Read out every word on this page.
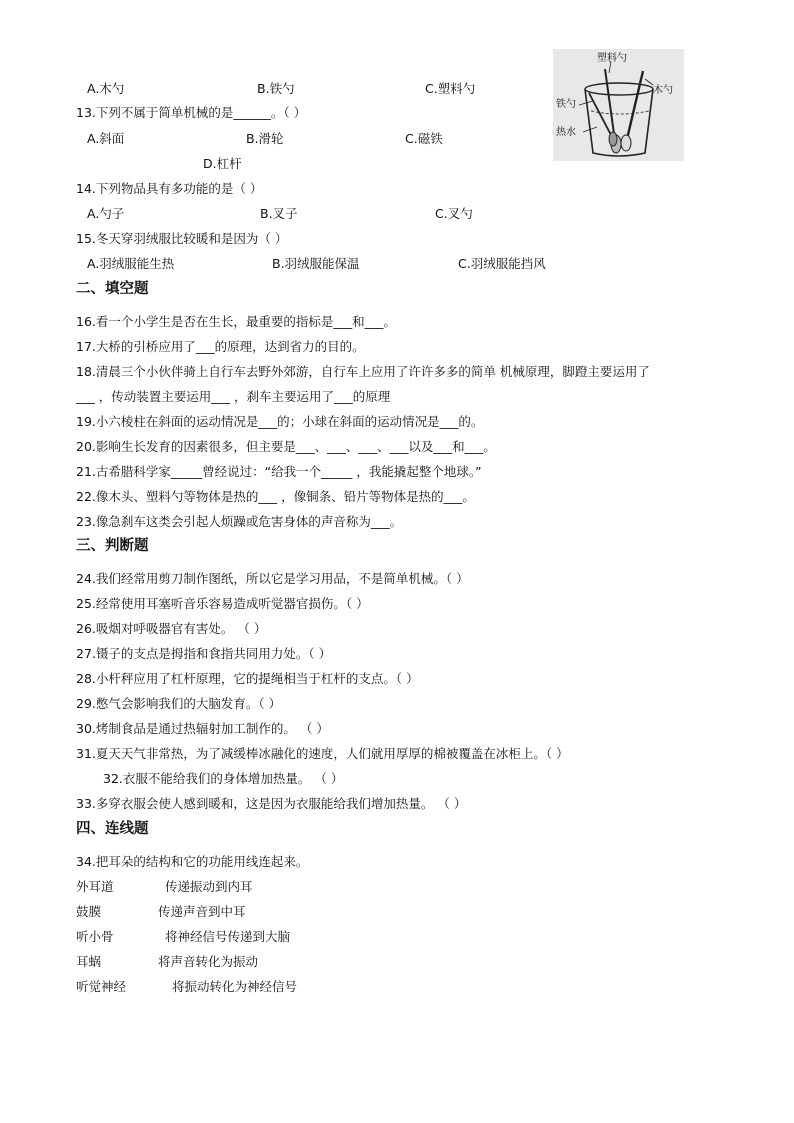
A.木勺	B.铁勺	C.塑料勺
塑料勺
木勺
铁勺
热水
13.下列不属于简单机械的是______。（ ）
A.斜面	B.滑轮	C.磁铁
D.杠杆
14.下列物品具有多功能的是（ ）
A.勺子	B.叉子	C.叉勺
15.冬天穿羽绒服比较暖和是因为（ ）
A.羽绒服能生热	B.羽绒服能保温	C.羽绒服能挡风
二、填空题
16.看一个小学生是否在生长，最重要的指标是___和___。
17.大桥的引桥应用了___的原理，达到省力的目的。
18.清晨三个小伙伴骑上自行车去野外郊游，自行车上应用了许许多多的简单 机械原理，脚蹬主要运用了
___ ，传动装置主要运用___ ，刹车主要运用了___的原理
19.小六棱柱在斜面的运动情况是___的；小球在斜面的运动情况是___的。
20.影响生长发育的因素很多，但主要是___、___、___、___以及___和___。
21.古希腊科学家_____曾经说过：“给我一个_____ ，我能撬起整个地球。”
22.像木头、塑料勺等物体是热的___ ，像铜条、铅片等物体是热的___。
23.像急刹车这类会引起人烦躁或危害身体的声音称为___。
三、判断题
24.我们经常用剪刀制作图纸，所以它是学习用品，不是简单机械。（ ）
25.经常使用耳塞听音乐容易造成听觉器官损伤。（ ）
26.吸烟对呼吸器官有害处。 （ ）
27.镊子的支点是拇指和食指共同用力处。（ ）
28.小杆秤应用了杠杆原理，它的提绳相当于杠杆的支点。（ ）
29.憋气会影响我们的大脑发育。（ ）
30.烤制食品是通过热辐射加工制作的。 （ ）
31.夏天天气非常热，为了减缓棒冰融化的速度，人们就用厚厚的棉被覆盖在冰柜上。（ ）
32.衣服不能给我们的身体增加热量。 （ ）
33.多穿衣服会使人感到暖和，这是因为衣服能给我们增加热量。 （ ）
四、连线题
34.把耳朵的结构和它的功能用线连起来。
外耳道	传递振动到内耳
鼓膜	传递声音到中耳
听小骨	将神经信号传递到大脑
耳蜗	将声音转化为振动
听觉神经	将振动转化为神经信号
